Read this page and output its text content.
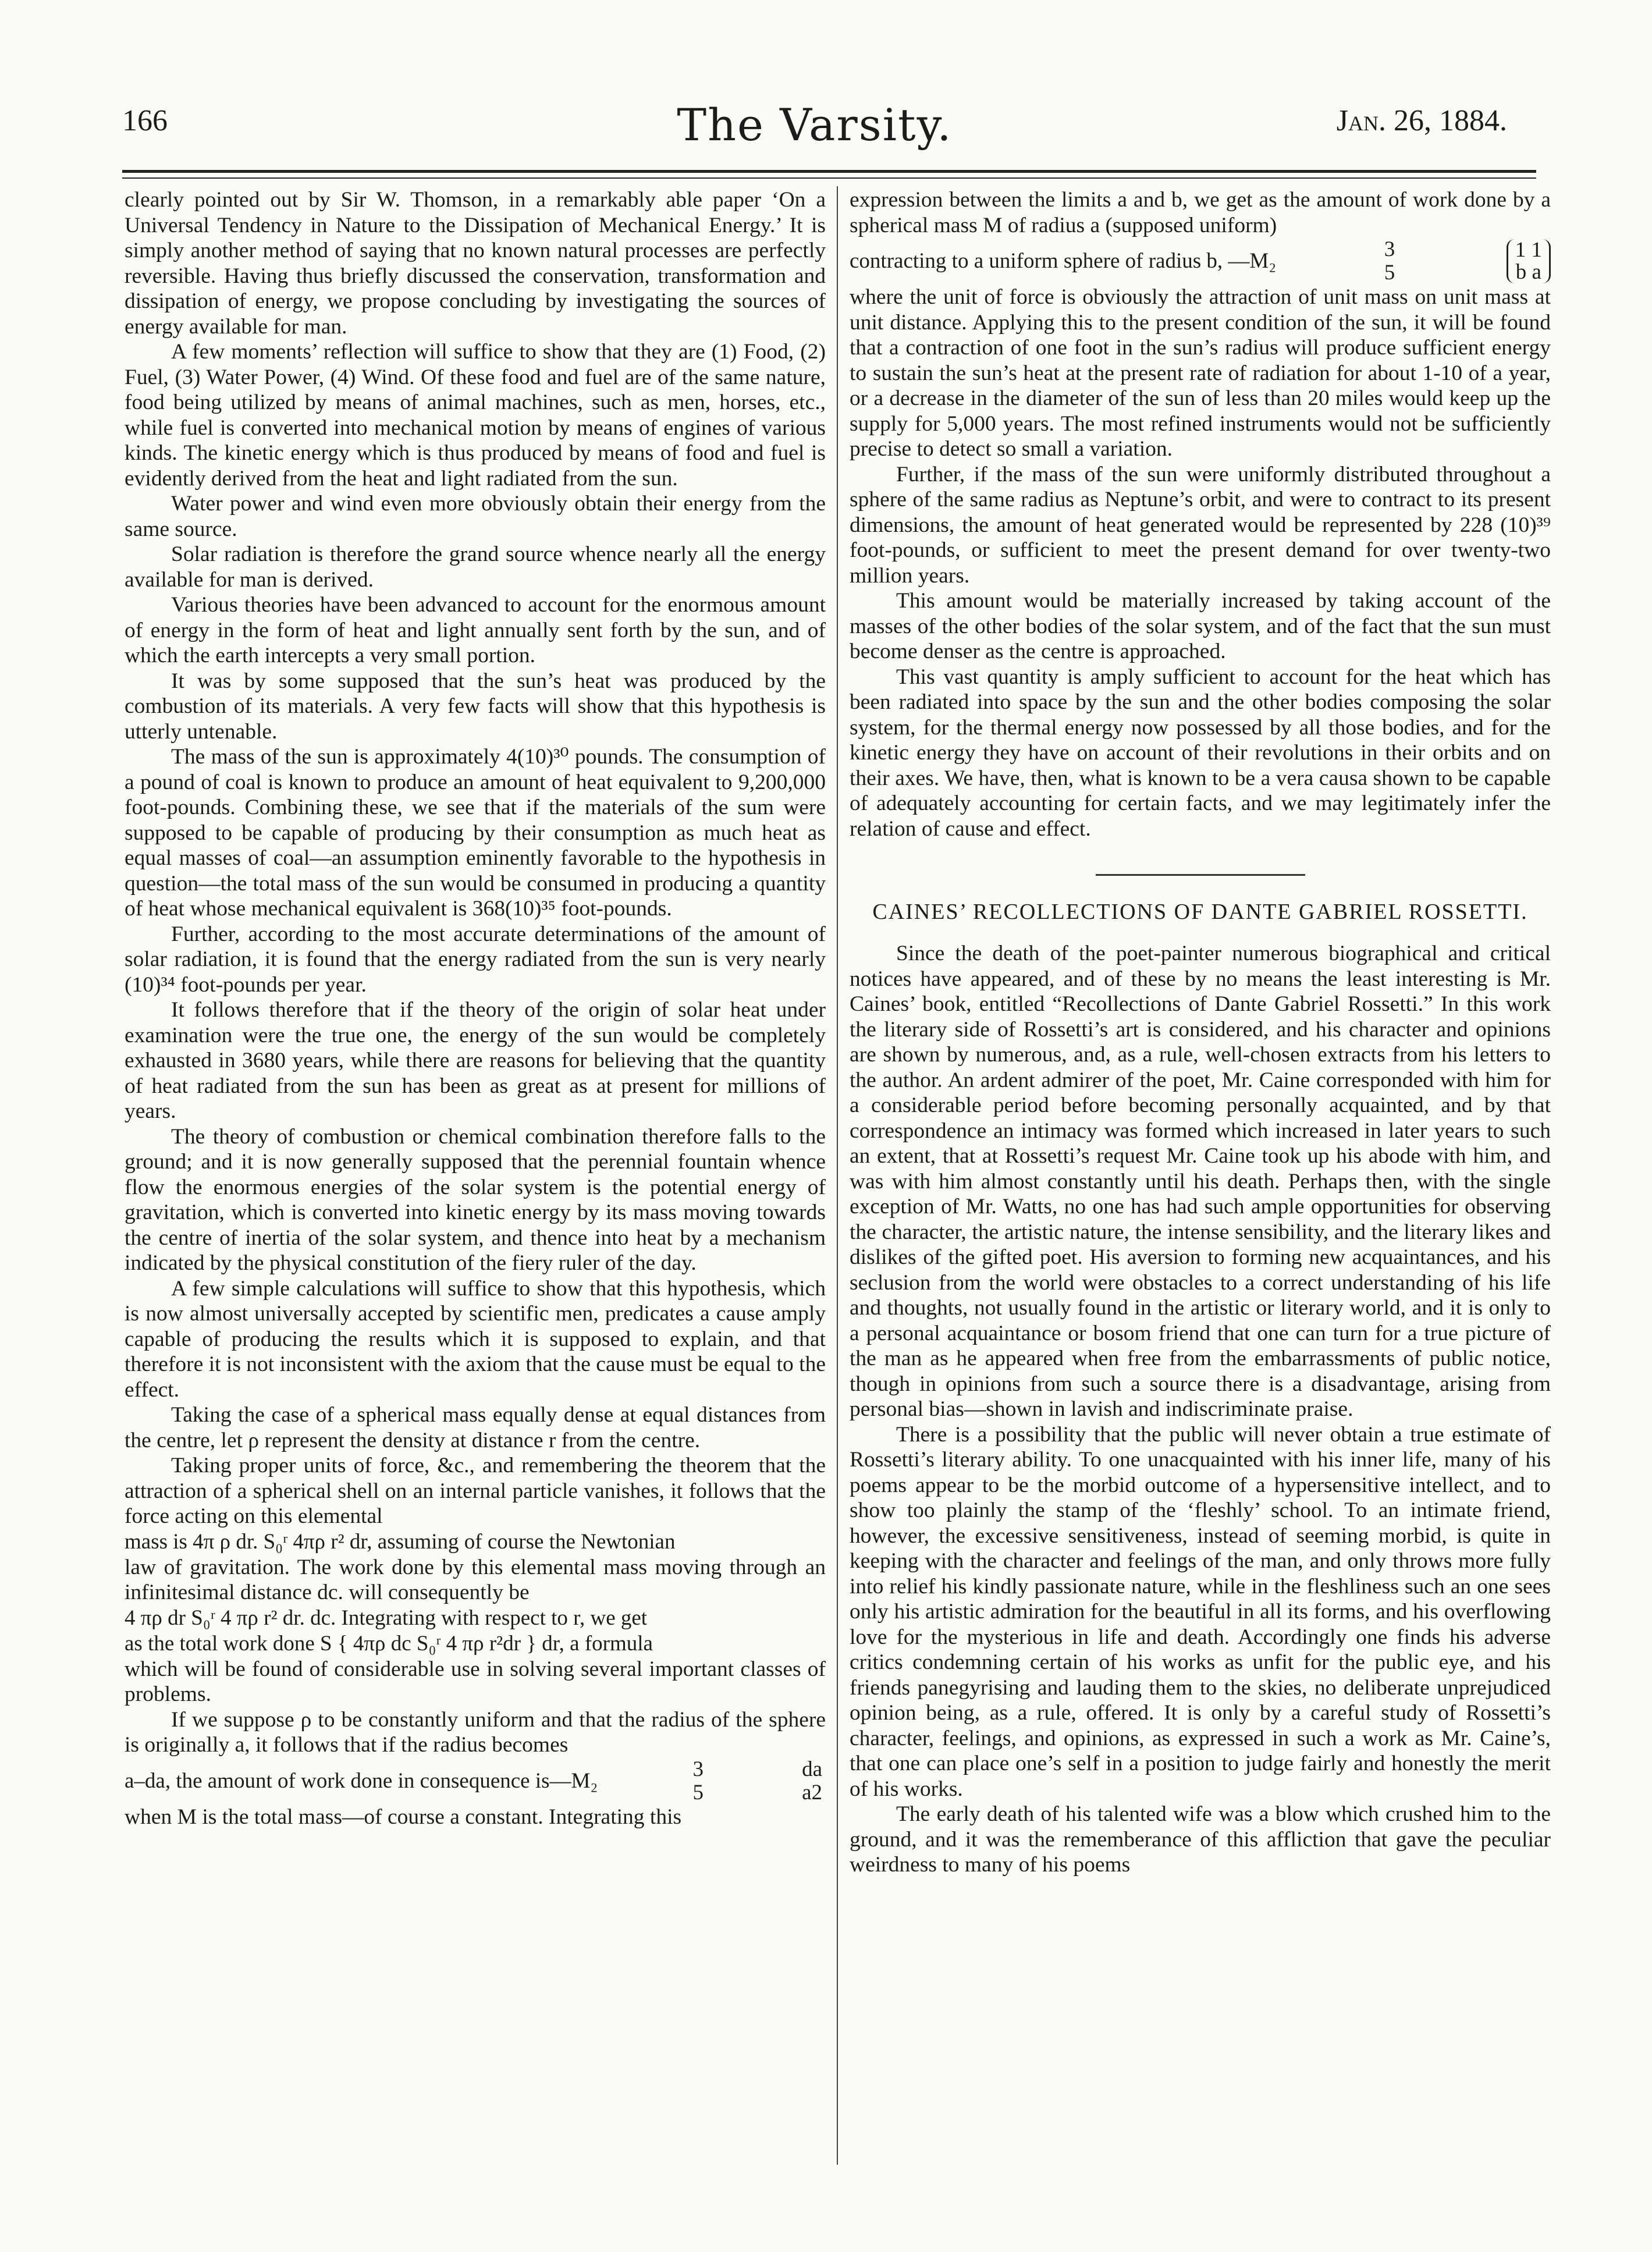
166	The Varsity.	Jan. 26, 1884.

clearly pointed out by Sir W. Thomson, in a remarkably able paper ‘On a Universal Tendency in Nature to the Dissipation of Mechanical Energy.’ It is simply another method of saying that no known natural processes are perfectly reversible. Having thus briefly discussed the conservation, transformation and dissipation of energy, we propose concluding by investigating the sources of energy available for man.

A few moments’ reflection will suffice to show that they are (1) Food, (2) Fuel, (3) Water Power, (4) Wind. Of these food and fuel are of the same nature, food being utilized by means of animal machines, such as men, horses, etc., while fuel is converted into mechanical motion by means of engines of various kinds. The kinetic energy which is thus produced by means of food and fuel is evidently derived from the heat and light radiated from the sun.

Water power and wind even more obviously obtain their energy from the same source.

Solar radiation is therefore the grand source whence nearly all the energy available for man is derived.

Various theories have been advanced to account for the enormous amount of energy in the form of heat and light annually sent forth by the sun, and of which the earth intercepts a very small portion.

It was by some supposed that the sun’s heat was produced by the combustion of its materials. A very few facts will show that this hypothesis is utterly untenable.

The mass of the sun is approximately 4(10)³⁰ pounds. The consumption of a pound of coal is known to produce an amount of heat equivalent to 9,200,000 foot-pounds. Combining these, we see that if the materials of the sum were supposed to be capable of producing by their consumption as much heat as equal masses of coal—an assumption eminently favorable to the hypothesis in question—the total mass of the sun would be consumed in producing a quantity of heat whose mechanical equivalent is 368(10)³⁵ foot-pounds.

Further, according to the most accurate determinations of the amount of solar radiation, it is found that the energy radiated from the sun is very nearly (10)³⁴ foot-pounds per year.

It follows therefore that if the theory of the origin of solar heat under examination were the true one, the energy of the sun would be completely exhausted in 3680 years, while there are reasons for believing that the quantity of heat radiated from the sun has been as great as at present for millions of years.

The theory of combustion or chemical combination therefore falls to the ground; and it is now generally supposed that the perennial fountain whence flow the enormous energies of the solar system is the potential energy of gravitation, which is converted into kinetic energy by its mass moving towards the centre of inertia of the solar system, and thence into heat by a mechanism indicated by the physical constitution of the fiery ruler of the day.

A few simple calculations will suffice to show that this hypothesis, which is now almost universally accepted by scientific men, predicates a cause amply capable of producing the results which it is supposed to explain, and that therefore it is not inconsistent with the axiom that the cause must be equal to the effect.

Taking the case of a spherical mass equally dense at equal distances from the centre, let ρ represent the density at distance r from the centre.

Taking proper units of force, &c., and remembering the theorem that the attraction of a spherical shell on an internal particle vanishes, it follows that the force acting on this elemental

mass is 4π ρ dr. S₀ʳ 4πρ r² dr, assuming of course the Newtonian

law of gravitation. The work done by this elemental mass moving through an infinitesimal distance dc. will consequently be

4 πρ dr S₀ʳ 4 πρ r² dr. dc. Integrating with respect to r, we get

as the total work done S { 4πρ dc S₀ʳ 4 πρ r²dr } dr, a formula

which will be found of considerable use in solving several important classes of problems.

If we suppose ρ to be constantly uniform and that the radius of the sphere is originally a, it follows that if the radius becomes

a–da, the amount of work done in consequence is—M₂	3
5
da
a2

when M is the total mass—of course a constant. Integrating this

expression between the limits a and b, we get as the amount of work done by a spherical mass M of radius a (supposed uniform)

contracting to a uniform sphere of radius b, —M₂	3
5
1 1
b a

where the unit of force is obviously the attraction of unit mass on unit mass at unit distance. Applying this to the present condition of the sun, it will be found that a contraction of one foot in the sun’s radius will produce sufficient energy to sustain the sun’s heat at the present rate of radiation for about 1-10 of a year, or a decrease in the diameter of the sun of less than 20 miles would keep up the supply for 5,000 years. The most refined instruments would not be sufficiently precise to detect so small a variation.

Further, if the mass of the sun were uniformly distributed throughout a sphere of the same radius as Neptune’s orbit, and were to contract to its present dimensions, the amount of heat generated would be represented by 228 (10)³⁹ foot-pounds, or sufficient to meet the present demand for over twenty-two million years.

This amount would be materially increased by taking account of the masses of the other bodies of the solar system, and of the fact that the sun must become denser as the centre is approached.

This vast quantity is amply sufficient to account for the heat which has been radiated into space by the sun and the other bodies composing the solar system, for the thermal energy now possessed by all those bodies, and for the kinetic energy they have on account of their revolutions in their orbits and on their axes. We have, then, what is known to be a vera causa shown to be capable of adequately accounting for certain facts, and we may legitimately infer the relation of cause and effect.

CAINES’ RECOLLECTIONS OF DANTE GABRIEL ROSSETTI.

Since the death of the poet-painter numerous biographical and critical notices have appeared, and of these by no means the least interesting is Mr. Caines’ book, entitled “Recollections of Dante Gabriel Rossetti.” In this work the literary side of Rossetti’s art is considered, and his character and opinions are shown by numerous, and, as a rule, well-chosen extracts from his letters to the author. An ardent admirer of the poet, Mr. Caine corresponded with him for a considerable period before becoming personally acquainted, and by that correspondence an intimacy was formed which increased in later years to such an extent, that at Rossetti’s request Mr. Caine took up his abode with him, and was with him almost constantly until his death. Perhaps then, with the single exception of Mr. Watts, no one has had such ample opportunities for observing the character, the artistic nature, the intense sensibility, and the literary likes and dislikes of the gifted poet. His aversion to forming new acquaintances, and his seclusion from the world were obstacles to a correct understanding of his life and thoughts, not usually found in the artistic or literary world, and it is only to a personal acquaintance or bosom friend that one can turn for a true picture of the man as he appeared when free from the embarrassments of public notice, though in opinions from such a source there is a disadvantage, arising from personal bias—shown in lavish and indiscriminate praise.

There is a possibility that the public will never obtain a true estimate of Rossetti’s literary ability. To one unacquainted with his inner life, many of his poems appear to be the morbid outcome of a hypersensitive intellect, and to show too plainly the stamp of the ‘fleshly’ school. To an intimate friend, however, the excessive sensitiveness, instead of seeming morbid, is quite in keeping with the character and feelings of the man, and only throws more fully into relief his kindly passionate nature, while in the fleshliness such an one sees only his artistic admiration for the beautiful in all its forms, and his overflowing love for the mysterious in life and death. Accordingly one finds his adverse critics condemning certain of his works as unfit for the public eye, and his friends panegyrising and lauding them to the skies, no deliberate unprejudiced opinion being, as a rule, offered. It is only by a careful study of Rossetti’s character, feelings, and opinions, as expressed in such a work as Mr. Caine’s, that one can place one’s self in a position to judge fairly and honestly the merit of his works.

The early death of his talented wife was a blow which crushed him to the ground, and it was the rememberance of this affliction that gave the peculiar weirdness to many of his poems
